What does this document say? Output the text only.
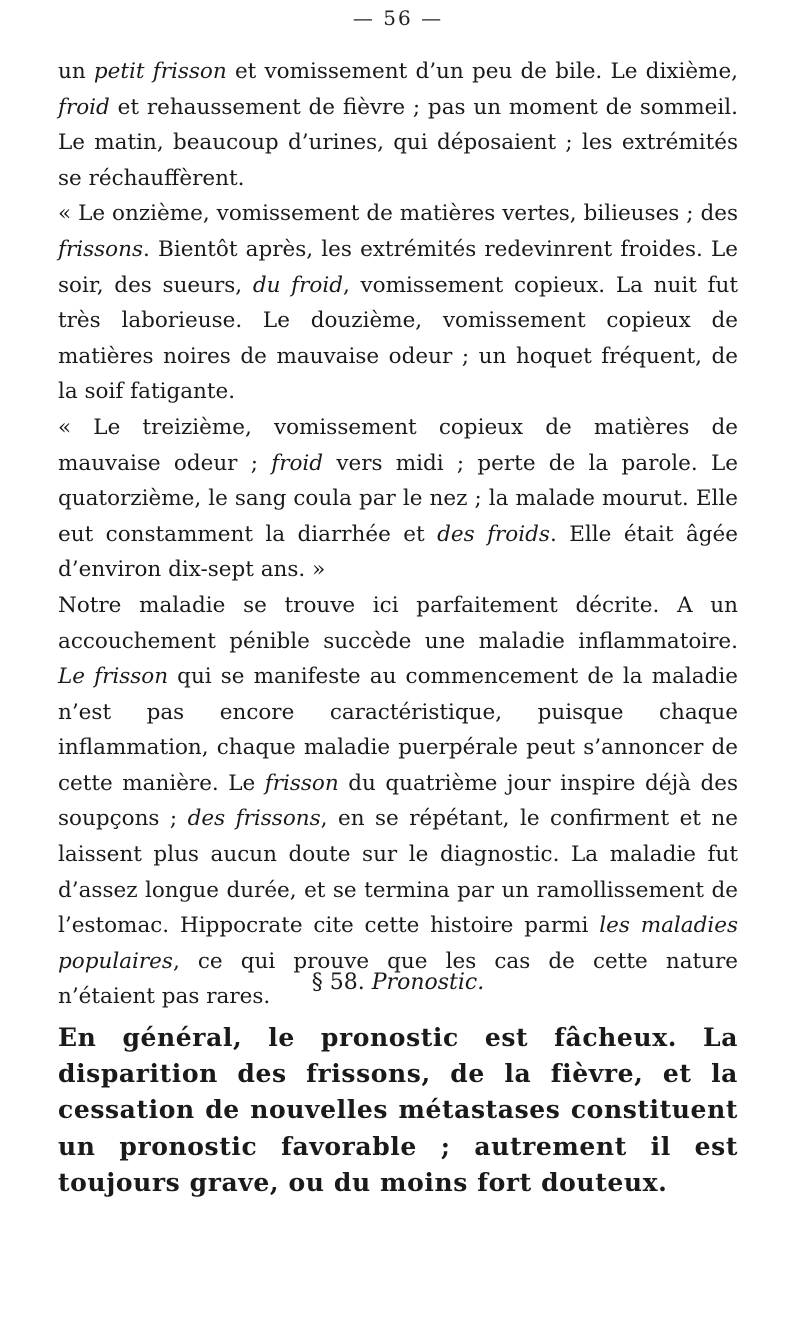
— 56 —

un petit frisson et vomissement d’un peu de bile. Le dixième, froid et rehaussement de fièvre ; pas un moment de sommeil. Le matin, beaucoup d’urines, qui déposaient ; les extrémités se réchauffèrent.

« Le onzième, vomissement de matières vertes, bilieuses ; des frissons. Bientôt après, les extrémités redevinrent froides. Le soir, des sueurs, du froid, vomissement copieux. La nuit fut très laborieuse. Le douzième, vomissement copieux de matières noires de mauvaise odeur ; un hoquet fréquent, de la soif fatigante.

« Le treizième, vomissement copieux de matières de mauvaise odeur ; froid vers midi ; perte de la parole. Le quatorzième, le sang coula par le nez ; la malade mourut. Elle eut constamment la diarrhée et des froids. Elle était âgée d’environ dix-sept ans. »

Notre maladie se trouve ici parfaitement décrite. A un accouchement pénible succède une maladie inflammatoire. Le frisson qui se manifeste au commencement de la maladie n’est pas encore caractéristique, puisque chaque inflammation, chaque maladie puerpérale peut s’annoncer de cette manière. Le frisson du quatrième jour inspire déjà des soupçons ; des frissons, en se répétant, le confirment et ne laissent plus aucun doute sur le diagnostic. La maladie fut d’assez longue durée, et se termina par un ramollissement de l’estomac. Hippocrate cite cette histoire parmi les maladies populaires, ce qui prouve que les cas de cette nature n’étaient pas rares.

§ 58. Pronostic.

En général, le pronostic est fâcheux. La disparition des frissons, de la fièvre, et la cessation de nouvelles métastases constituent un pronostic favorable ; autrement il est toujours grave, ou du moins fort douteux.
